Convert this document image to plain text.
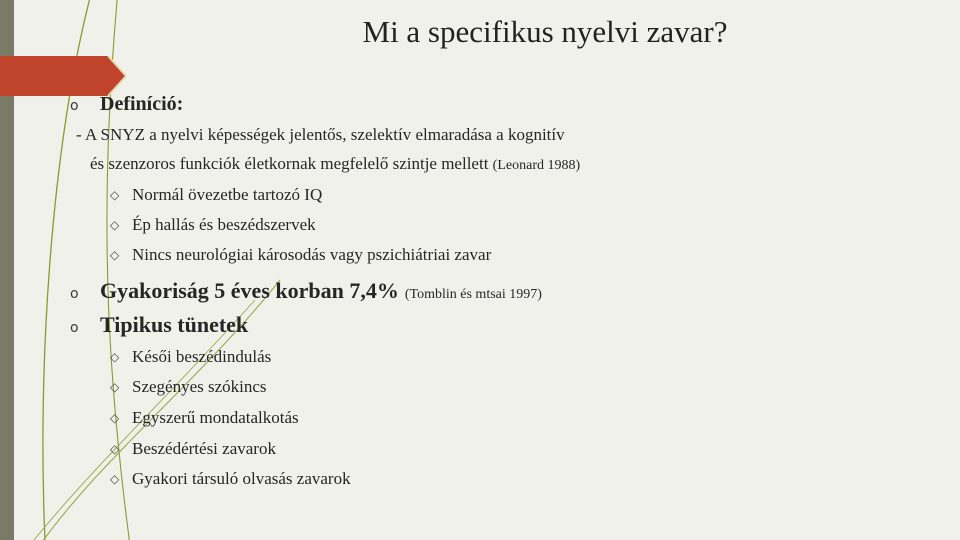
Mi a specifikus nyelvi zavar?
o	Definíció:
- A SNYZ a nyelvi képességek jelentős, szelektív elmaradása a kognitív
és szenzoros funkciók életkornak megfelelő szintje mellett (Leonard 1988)
◇ Normál övezetbe tartozó IQ
◇ Ép hallás és beszédszervek
◇ Nincs neurológiai károsodás vagy pszichiátriai zavar
o Gyakoriság 5 éves korban 7,4% (Tomblin és mtsai 1997)
o Tipikus tünetek
◇ Késői beszédindulás
◇ Szegényes szókincs
◇ Egyszerű mondatalkotás
◇ Beszédértési zavarok
◇ Gyakori társuló olvasás zavarok
